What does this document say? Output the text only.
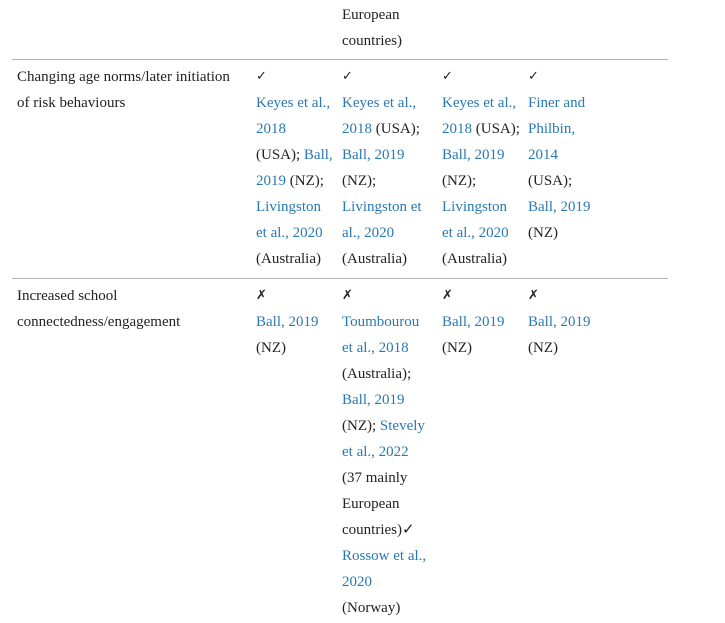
European
countries)
Changing age norms/later initiation
of risk behaviours
✓
Keyes et al.,
2018
(USA); Ball,
2019 (NZ);
Livingston
et al., 2020
(Australia)
✓
Keyes et al.,
2018 (USA);
Ball, 2019
(NZ);
Livingston et
al., 2020
(Australia)
✓
Keyes et al.,
2018 (USA);
Ball, 2019
(NZ);
Livingston
et al., 2020
(Australia)
✓
Finer and
Philbin,
2014
(USA);
Ball, 2019
(NZ)
Increased school
connectedness/engagement
✗
Ball, 2019
(NZ)
✗
Toumbourou
et al., 2018
(Australia);
Ball, 2019
(NZ); Stevely
et al., 2022
(37 mainly
European
countries)✓
Rossow et al.,
2020
(Norway)
✗
Ball, 2019
(NZ)
✗
Ball, 2019
(NZ)
